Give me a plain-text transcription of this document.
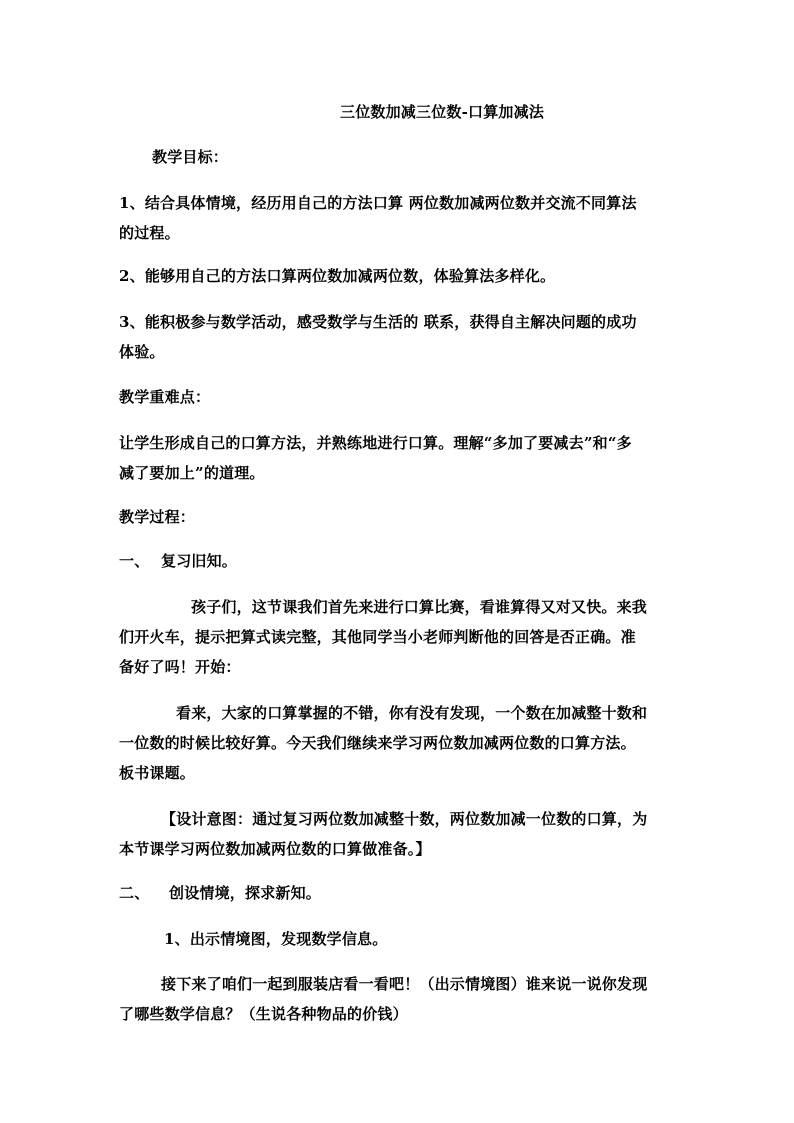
三位数加减三位数-口算加减法
教学目标：
1、结合具体情境，经历用自己的方法口算 两位数加减两位数并交流不同算法
的过程。
2、能够用自己的方法口算两位数加减两位数，体验算法多样化。
3、能积极参与数学活动，感受数学与生活的 联系，获得自主解决问题的成功
体验。
教学重难点：
让学生形成自己的口算方法，并熟练地进行口算。理解“多加了要减去”和“多
减了要加上”的道理。
教学过程：
一、 复习旧知。
孩子们，这节课我们首先来进行口算比赛，看谁算得又对又快。来我
们开火车，提示把算式读完整，其他同学当小老师判断他的回答是否正确。准
备好了吗！开始：
看来，大家的口算掌握的不错，你有没有发现，一个数在加减整十数和
一位数的时候比较好算。今天我们继续来学习两位数加减两位数的口算方法。
板书课题。
【设计意图：通过复习两位数加减整十数，两位数加减一位数的口算，为
本节课学习两位数加减两位数的口算做准备。】
二、 创设情境，探求新知。
1、出示情境图，发现数学信息。
接下来了咱们一起到服装店看一看吧！（出示情境图）谁来说一说你发现
了哪些数学信息？（生说各种物品的价钱）
